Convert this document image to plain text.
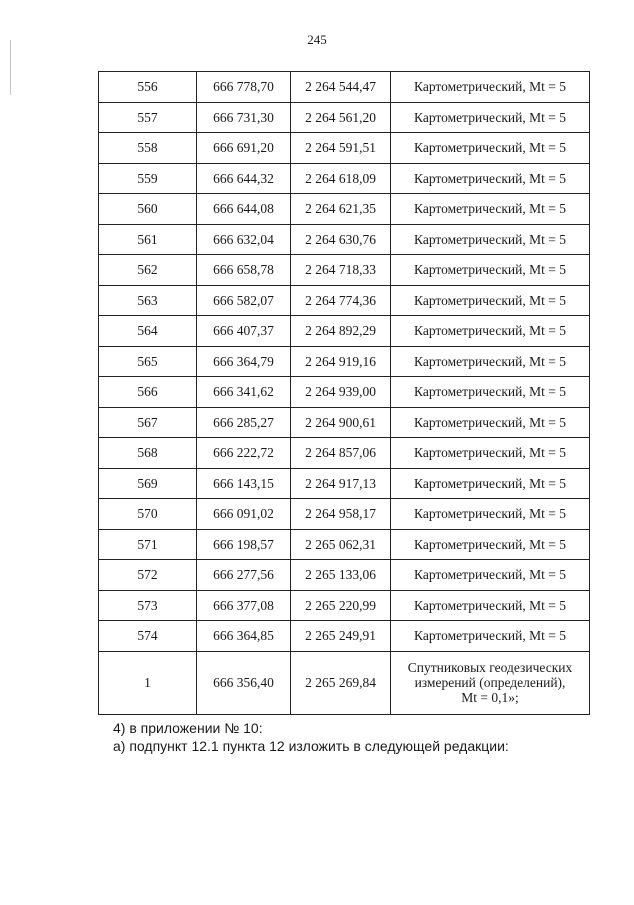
245
556	666 778,70	2 264 544,47	Картометрический, Mt = 5
557	666 731,30	2 264 561,20	Картометрический, Mt = 5
558	666 691,20	2 264 591,51	Картометрический, Mt = 5
559	666 644,32	2 264 618,09	Картометрический, Mt = 5
560	666 644,08	2 264 621,35	Картометрический, Mt = 5
561	666 632,04	2 264 630,76	Картометрический, Mt = 5
562	666 658,78	2 264 718,33	Картометрический, Mt = 5
563	666 582,07	2 264 774,36	Картометрический, Mt = 5
564	666 407,37	2 264 892,29	Картометрический, Mt = 5
565	666 364,79	2 264 919,16	Картометрический, Mt = 5
566	666 341,62	2 264 939,00	Картометрический, Mt = 5
567	666 285,27	2 264 900,61	Картометрический, Mt = 5
568	666 222,72	2 264 857,06	Картометрический, Mt = 5
569	666 143,15	2 264 917,13	Картометрический, Mt = 5
570	666 091,02	2 264 958,17	Картометрический, Mt = 5
571	666 198,57	2 265 062,31	Картометрический, Mt = 5
572	666 277,56	2 265 133,06	Картометрический, Mt = 5
573	666 377,08	2 265 220,99	Картометрический, Mt = 5
574	666 364,85	2 265 249,91	Картометрический, Mt = 5
1	666 356,40	2 265 269,84	Спутниковых геодезических
измерений (определений),
Mt = 0,1»;
4) в приложении № 10:
а) подпункт 12.1 пункта 12 изложить в следующей редакции:
